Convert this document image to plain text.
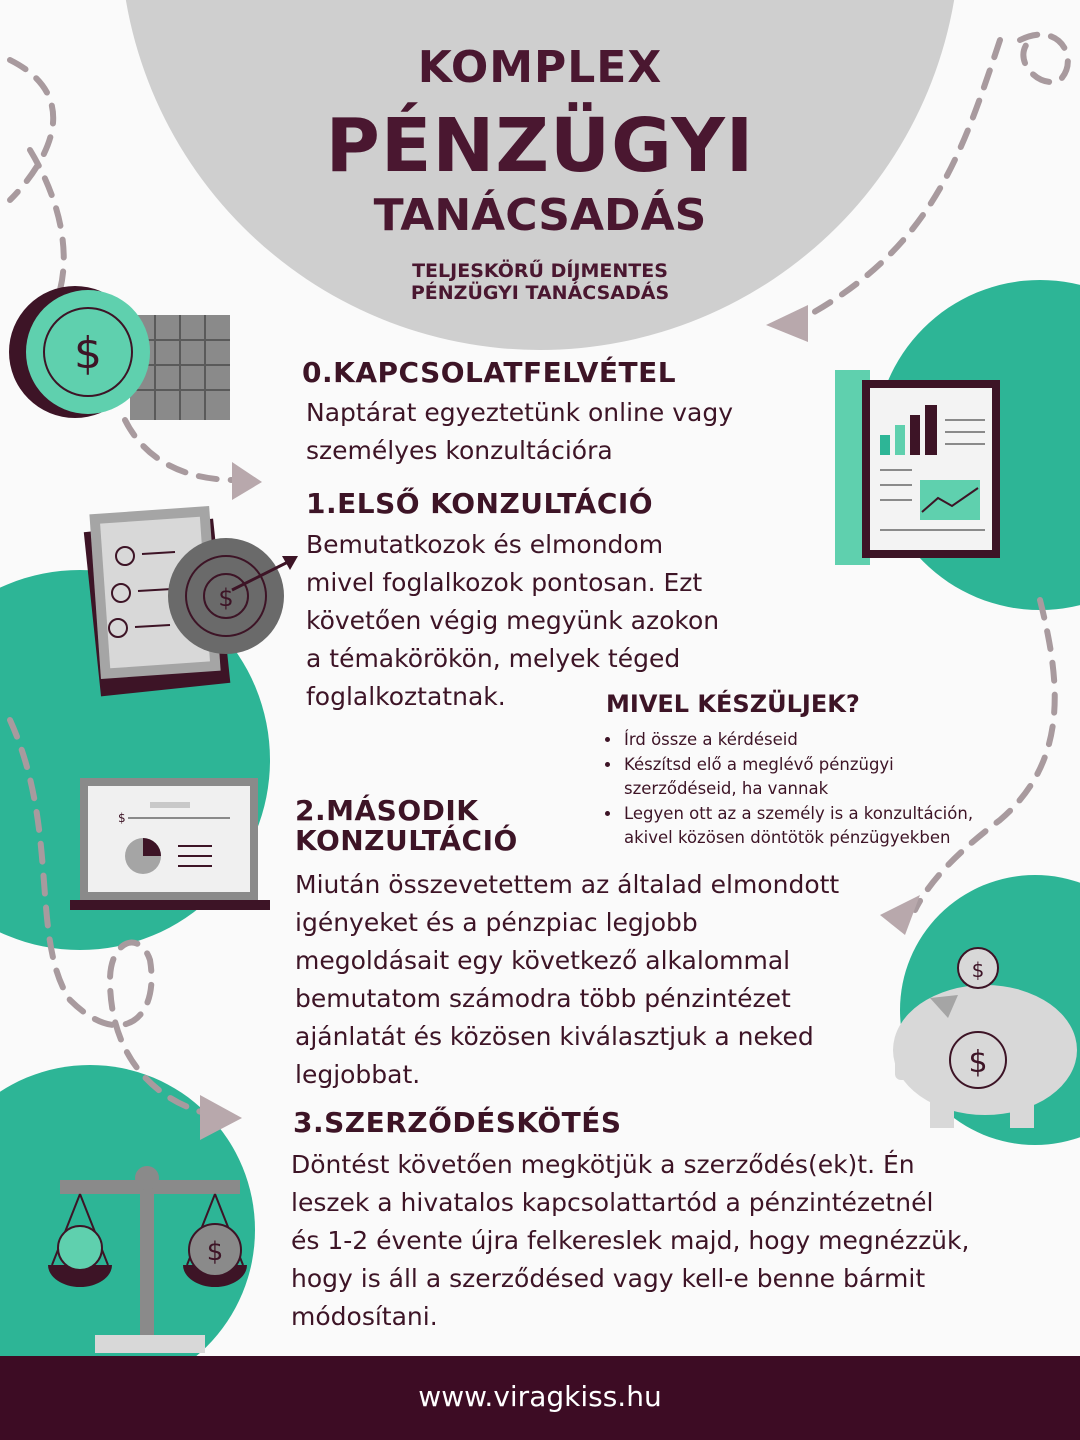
$
$
$
$
$
$
KOMPLEX
PÉNZÜGYI
TANÁCSADÁS
TELJESKÖRŰ DÍJMENTES
PÉNZÜGYI TANÁCSADÁS
0.KAPCSOLATFELVÉTEL
Naptárat egyeztetünk online vagy
személyes konzultációra
1.ELSŐ KONZULTÁCIÓ
Bemutatkozok és elmondom
mivel foglalkozok pontosan. Ezt
követően végig megyünk azokon
a témakörökön, melyek téged
foglalkoztatnak.	MIVEL KÉSZÜLJEK?
• Írd össze a kérdéseid
• Készítsd elő a meglévő pénzügyi
szerződéseid, ha vannak
• Legyen ott az a személy is a konzultáción,
akivel közösen döntötök pénzügyekben
2.MÁSODIK
KONZULTÁCIÓ
Miután összevetettem az általad elmondott
igényeket és a pénzpiac legjobb
megoldásait egy következő alkalommal
bemutatom számodra több pénzintézet
ajánlatát és közösen kiválasztjuk a neked
legjobbat.
3.SZERZŐDÉSKÖTÉS
Döntést követően megkötjük a szerződés(ek)t. Én
leszek a hivatalos kapcsolattartód a pénzintézetnél
és 1-2 évente újra felkereslek majd, hogy megnézzük,
hogy is áll a szerződésed vagy kell-e benne bármit
módosítani.
www.viragkiss.hu
